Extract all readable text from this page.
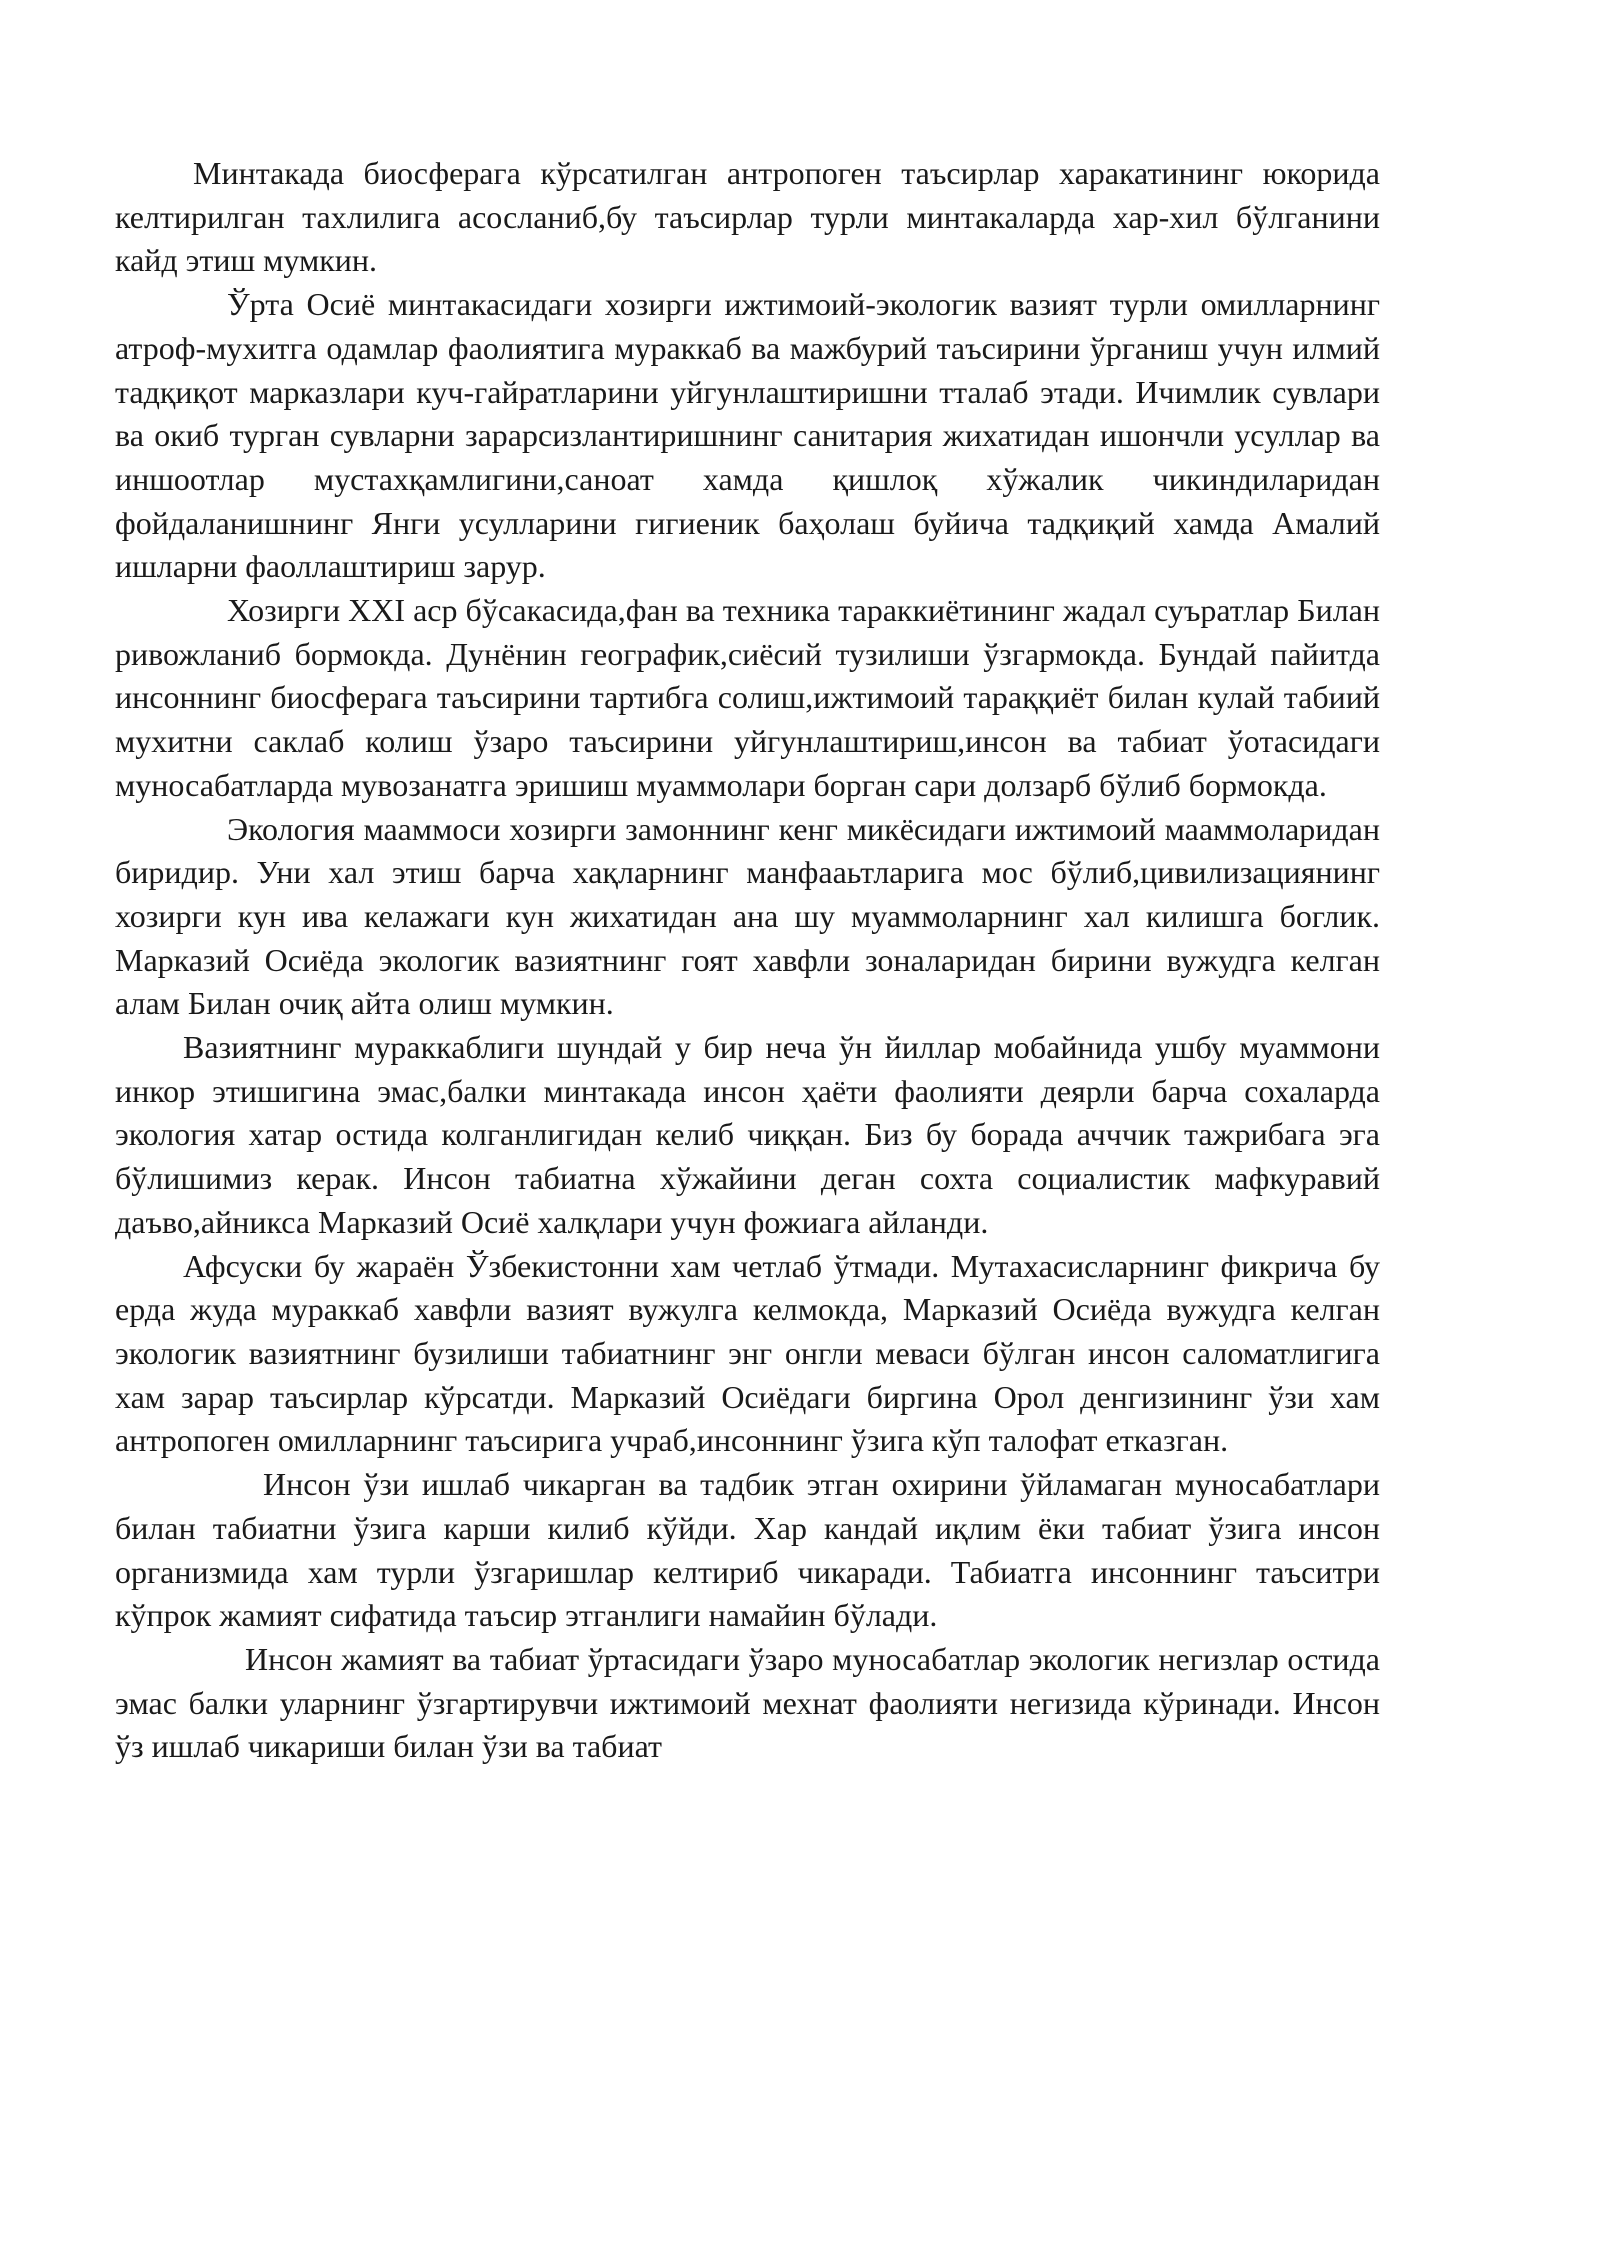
Минтакада биосферага кўрсатилган антропоген таъсирлар харакатининг юкорида келтирилган тахлилига асосланиб,бу таъсирлар турли минтакаларда хар-хил бўлганини кайд этиш мумкин.

Ўрта Осиё минтакасидаги хозирги ижтимоий-экологик вазият турли омилларнинг атроф-мухитга одамлар фаолиятига мураккаб ва мажбурий таъсирини ўрганиш учун илмий тадқиқот марказлари куч-гайратларини уйгунлаштиришни тталаб этади. Ичимлик сувлари ва окиб турган сувларни зарарсизлантиришнинг санитария жихатидан ишончли усуллар ва иншоотлар мустахқамлигини,саноат хамда қишлоқ хўжалик чикиндиларидан фойдаланишнинг Янги усулларини гигиеник баҳолаш буйича тадқиқий хамда Амалий ишларни фаоллаштириш зарур.

Хозирги XXI аср бўсакасида,фан ва техника тараккиётининг жадал суъратлар Билан ривожланиб бормокда. Дунёнин географик,сиёсий тузилиши ўзгармокда. Бундай пайитда инсоннинг биосферага таъсирини тартибга солиш,ижтимоий тараққиёт билан кулай табиий мухитни саклаб колиш ўзаро таъсирини уйгунлаштириш,инсон ва табиат ўотасидаги муносабатларда мувозанатга эришиш муаммолари борган сари долзарб бўлиб бормокда.

Экология мааммоси хозирги замоннинг кенг микёсидаги ижтимоий мааммоларидан биридир. Уни хал этиш барча хақларнинг манфааьтларига мос бўлиб,цивилизациянинг хозирги кун ива келажаги кун жихатидан ана шу муаммоларнинг хал килишга боглик. Марказий Осиёда экологик вазиятнинг гоят хавфли зоналаридан бирини вужудга келган алам Билан очиқ айта олиш мумкин.

Вазиятнинг мураккаблиги шундай у бир неча ўн йиллар мобайнида ушбу муаммони инкор этишигина эмас,балки минтакада инсон ҳаёти фаолияти деярли барча сохаларда экология хатар остида колганлигидан келиб чиққан. Биз бу борада ачччик тажрибага эга бўлишимиз керак. Инсон табиатна хўжайини деган сохта социалистик мафкуравий даъво,айникса Марказий Осиё халқлари учун фожиага айланди.

Афсуски бу жараён Ўзбекистонни хам четлаб ўтмади. Мутахасисларнинг фикрича бу ерда жуда мураккаб хавфли вазият вужулга келмокда, Марказий Осиёда вужудга келган экологик вазиятнинг бузилиши табиатнинг энг онгли меваси бўлган инсон саломатлигига хам зарар таъсирлар кўрсатди. Марказий Осиёдаги биргина Орол денгизининг ўзи хам антропоген омилларнинг таъсирига учраб,инсоннинг ўзига кўп талофат етказган.

Инсон ўзи ишлаб чикарган ва тадбик этган охирини ўйламаган муносабатлари билан табиатни ўзига карши килиб кўйди. Хар кандай иқлим ёки табиат ўзига инсон организмида хам турли ўзгаришлар келтириб чикаради. Табиатга инсоннинг таъситри кўпрок жамият сифатида таъсир этганлиги намайин бўлади.

Инсон жамият ва табиат ўртасидаги ўзаро муносабатлар экологик негизлар остида эмас балки уларнинг ўзгартирувчи ижтимоий мехнат фаолияти негизида кўринади. Инсон ўз ишлаб чикариши билан ўзи ва табиат
